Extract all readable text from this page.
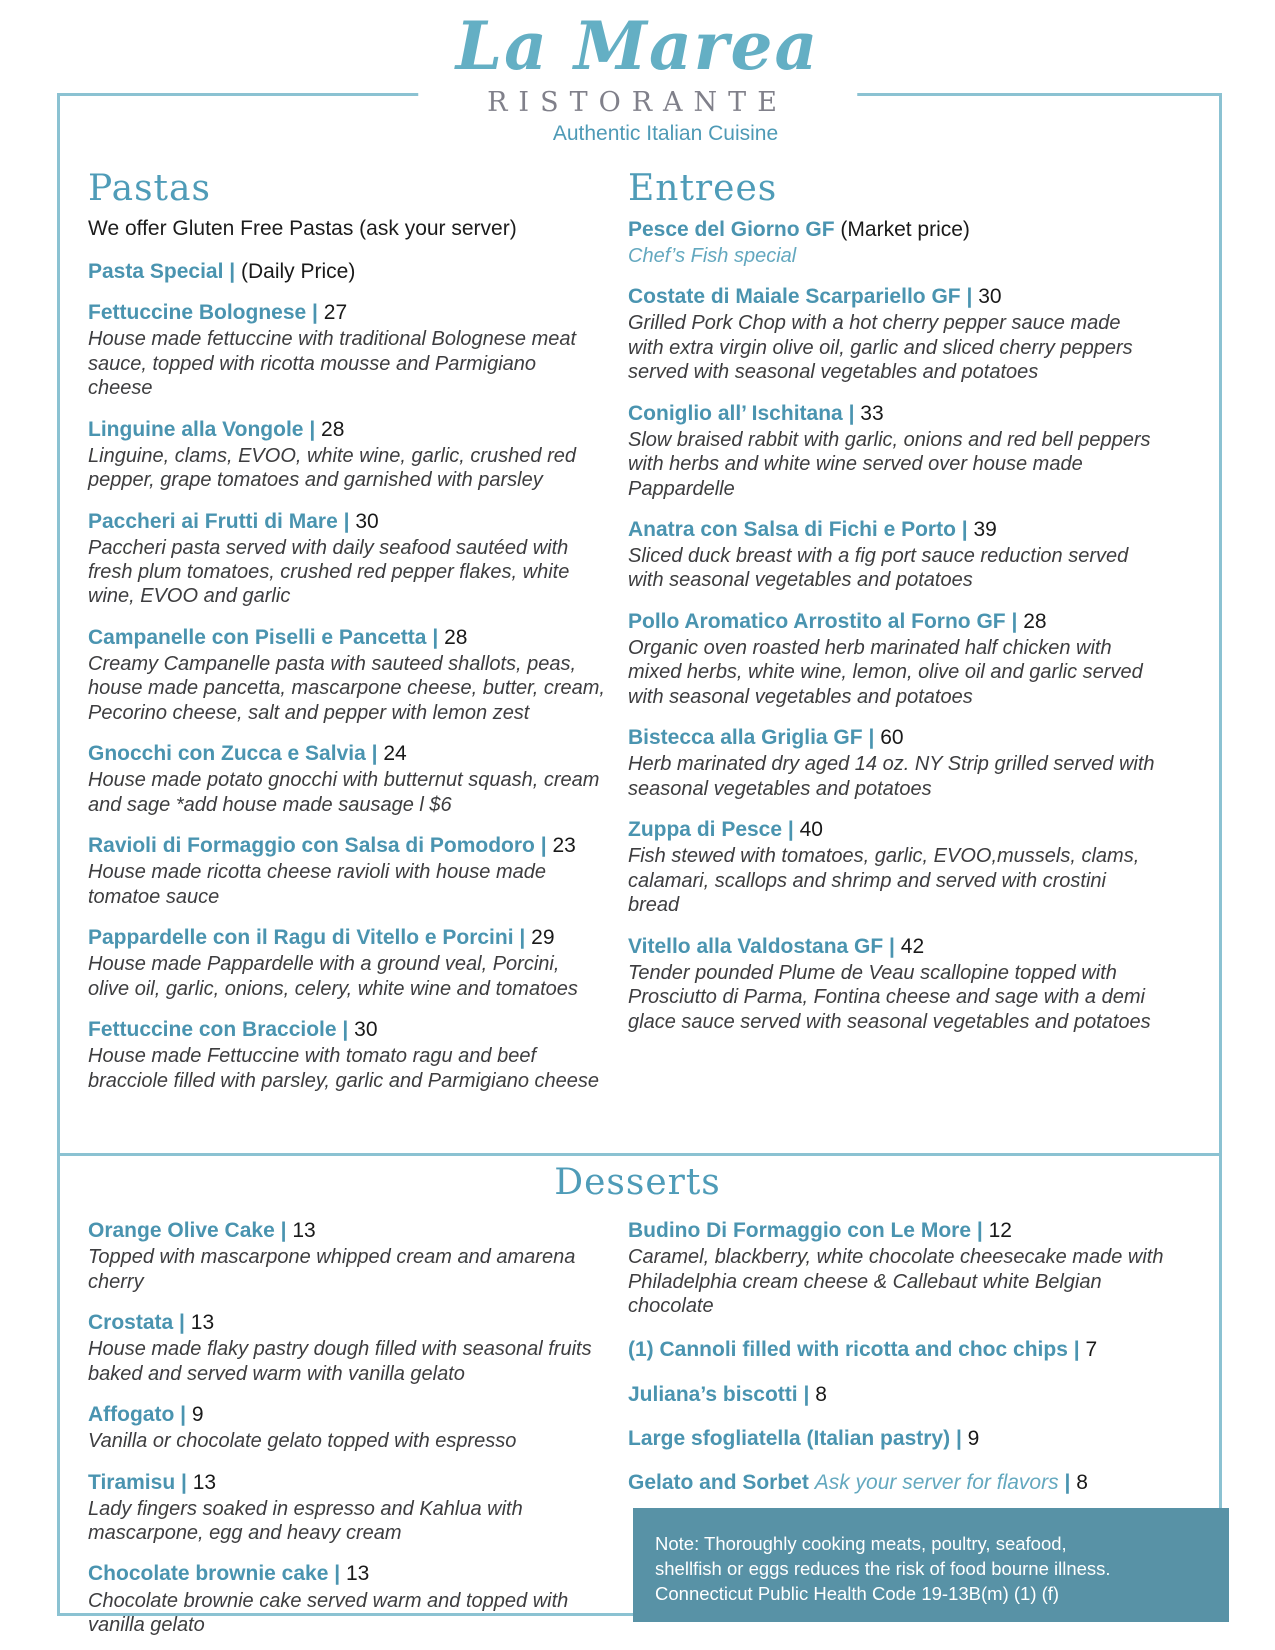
La Marea
RISTORANTE
Authentic Italian Cuisine
Pastas
We offer Gluten Free Pastas (ask your server)
Pasta Special | (Daily Price)
Fettuccine Bolognese | 27
House made fettuccine with traditional Bolognese meat sauce, topped with ricotta mousse and Parmigiano cheese
Linguine alla Vongole | 28
Linguine, clams, EVOO, white wine, garlic, crushed red pepper, grape tomatoes and garnished with parsley
Paccheri ai Frutti di Mare | 30
Paccheri pasta served with daily seafood sautéed with fresh plum tomatoes, crushed red pepper flakes, white wine, EVOO and garlic
Campanelle con Piselli e Pancetta | 28
Creamy Campanelle pasta with sauteed shallots, peas, house made pancetta, mascarpone cheese, butter, cream, Pecorino cheese, salt and pepper with lemon zest
Gnocchi con Zucca e Salvia | 24
House made potato gnocchi with butternut squash, cream and sage *add house made sausage l $6
Ravioli di Formaggio con Salsa di Pomodoro | 23
House made ricotta cheese ravioli with house made tomatoe sauce
Pappardelle con il Ragu di Vitello e Porcini | 29
House made Pappardelle with a ground veal, Porcini, olive oil, garlic, onions, celery, white wine and tomatoes
Fettuccine con Bracciole | 30
House made Fettuccine with tomato ragu and beef bracciole filled with parsley, garlic and Parmigiano cheese
Entrees
Pesce del Giorno GF (Market price)
Chef’s Fish special
Costate di Maiale Scarpariello GF | 30
Grilled Pork Chop with a hot cherry pepper sauce made with extra virgin olive oil, garlic and sliced cherry peppers served with seasonal vegetables and potatoes
Coniglio all’ Ischitana | 33
Slow braised rabbit with garlic, onions and red bell peppers with herbs and white wine served over house made Pappardelle
Anatra con Salsa di Fichi e Porto | 39
Sliced duck breast with a fig port sauce reduction served with seasonal vegetables and potatoes
Pollo Aromatico Arrostito al Forno GF | 28
Organic oven roasted herb marinated half chicken with mixed herbs, white wine, lemon, olive oil and garlic served with seasonal vegetables and potatoes
Bistecca alla Griglia GF | 60
Herb marinated dry aged 14 oz. NY Strip grilled served with seasonal vegetables and potatoes
Zuppa di Pesce | 40
Fish stewed with tomatoes, garlic, EVOO,mussels, clams, calamari, scallops and shrimp and served with crostini bread
Vitello alla Valdostana GF | 42
Tender pounded Plume de Veau scallopine topped with Prosciutto di Parma, Fontina cheese and sage with a demi glace sauce served with seasonal vegetables and potatoes
Desserts
Orange Olive Cake | 13
Topped with mascarpone whipped cream and amarena cherry
Crostata | 13
House made flaky pastry dough filled with seasonal fruits baked and served warm with vanilla gelato
Affogato | 9
Vanilla or chocolate gelato topped with espresso
Tiramisu | 13
Lady fingers soaked in espresso and Kahlua with mascarpone, egg and heavy cream
Chocolate brownie cake | 13
Chocolate brownie cake served warm and topped with vanilla gelato
Budino Di Formaggio con Le More | 12
Caramel, blackberry, white chocolate cheesecake made with Philadelphia cream cheese & Callebaut white Belgian chocolate
(1) Cannoli filled with ricotta and choc chips | 7
Juliana’s biscotti | 8
Large sfogliatella (Italian pastry) | 9
Gelato and Sorbet Ask your server for flavors | 8
Note: Thoroughly cooking meats, poultry, seafood,
shellfish or eggs reduces the risk of food bourne illness.
Connecticut Public Health Code 19-13B(m) (1) (f)
